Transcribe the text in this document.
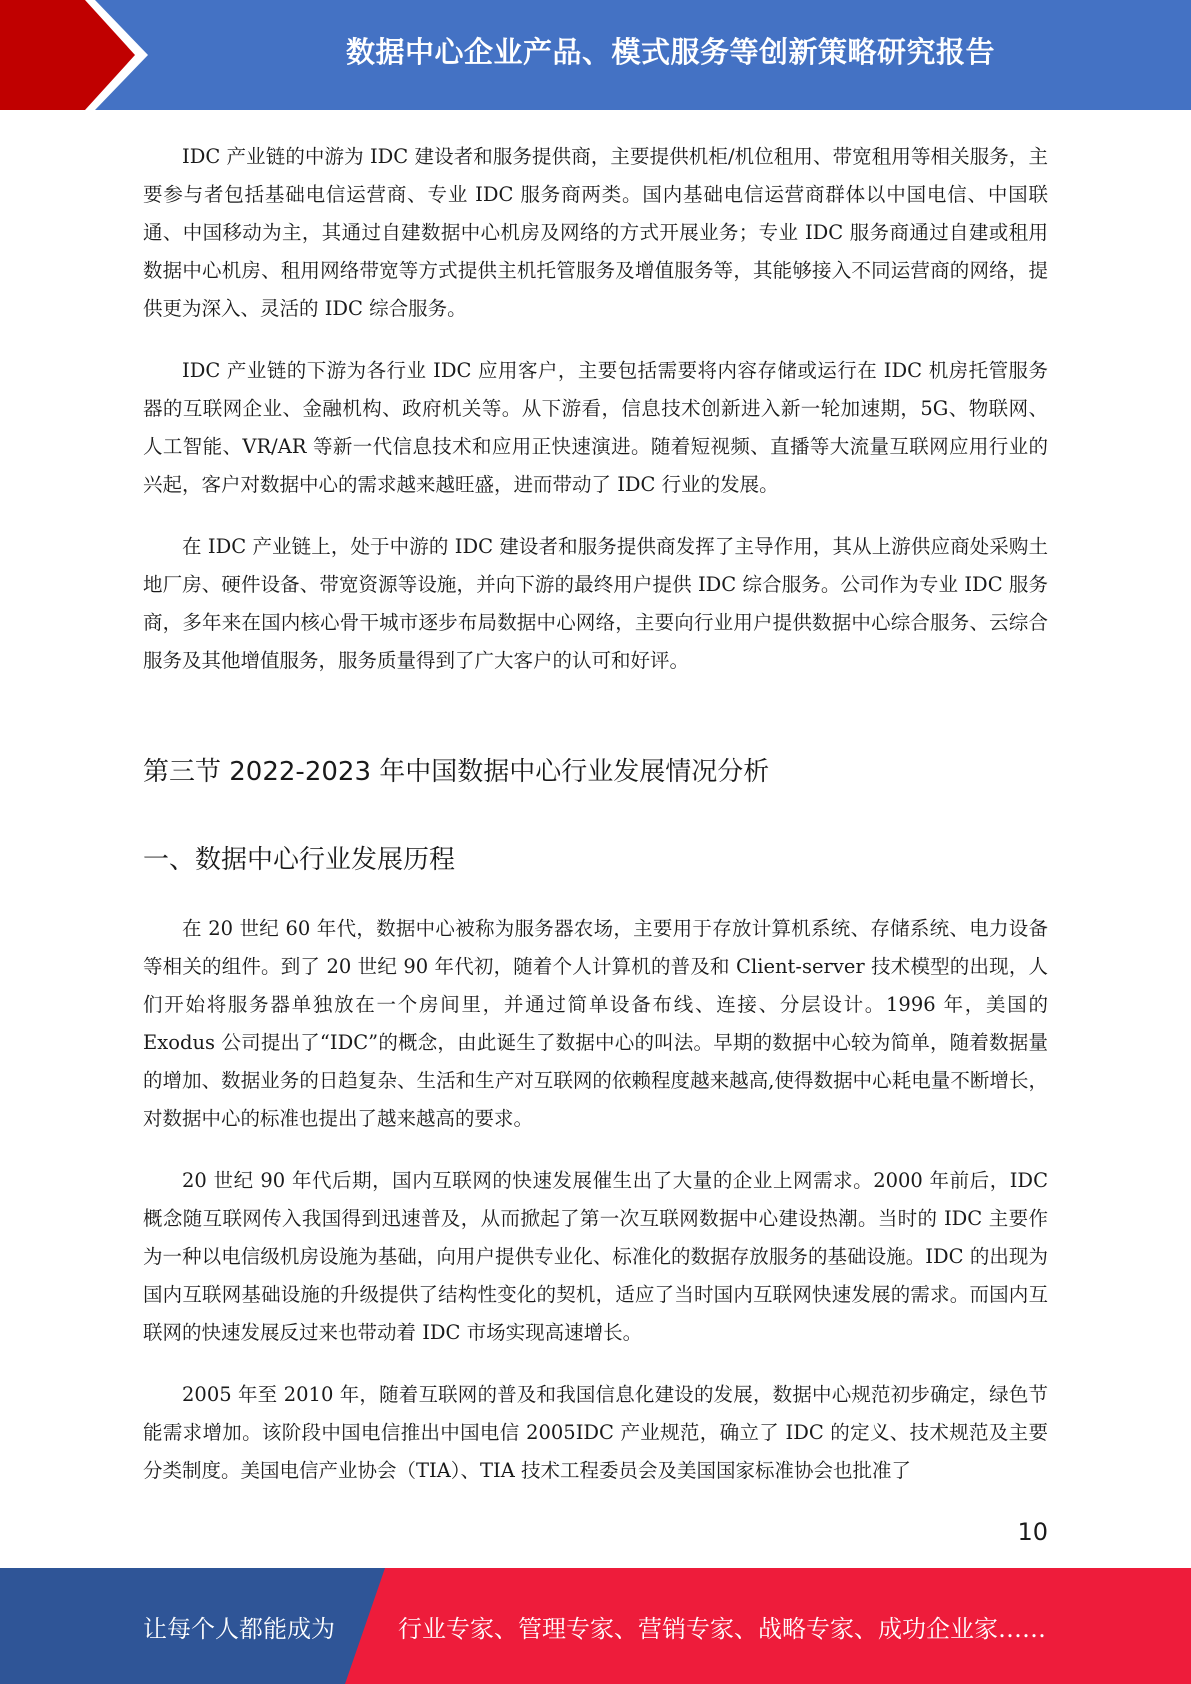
数据中心企业产品、模式服务等创新策略研究报告

IDC 产业链的中游为 IDC 建设者和服务提供商，主要提供机柜/机位租用、带宽租用等相关服务，主要参与者包括基础电信运营商、专业 IDC 服务商两类。国内基础电信运营商群体以中国电信、中国联通、中国移动为主，其通过自建数据中心机房及网络的方式开展业务；专业 IDC 服务商通过自建或租用数据中心机房、租用网络带宽等方式提供主机托管服务及增值服务等，其能够接入不同运营商的网络，提供更为深入、灵活的 IDC 综合服务。

IDC 产业链的下游为各行业 IDC 应用客户，主要包括需要将内容存储或运行在 IDC 机房托管服务器的互联网企业、金融机构、政府机关等。从下游看，信息技术创新进入新一轮加速期，5G、物联网、人工智能、VR/AR 等新一代信息技术和应用正快速演进。随着短视频、直播等大流量互联网应用行业的兴起，客户对数据中心的需求越来越旺盛，进而带动了 IDC 行业的发展。

在 IDC 产业链上，处于中游的 IDC 建设者和服务提供商发挥了主导作用，其从上游供应商处采购土地厂房、硬件设备、带宽资源等设施，并向下游的最终用户提供 IDC 综合服务。公司作为专业 IDC 服务商，多年来在国内核心骨干城市逐步布局数据中心网络，主要向行业用户提供数据中心综合服务、云综合服务及其他增值服务，服务质量得到了广大客户的认可和好评。

第三节 2022-2023 年中国数据中心行业发展情况分析
一、数据中心行业发展历程

在 20 世纪 60 年代，数据中心被称为服务器农场，主要用于存放计算机系统、存储系统、电力设备等相关的组件。到了 20 世纪 90 年代初，随着个人计算机的普及和 Client-server 技术模型的出现，人们开始将服务器单独放在一个房间里，并通过简单设备布线、连接、分层设计。1996 年，美国的 Exodus 公司提出了“IDC”的概念，由此诞生了数据中心的叫法。早期的数据中心较为简单，随着数据量的增加、数据业务的日趋复杂、生活和生产对互联网的依赖程度越来越高,使得数据中心耗电量不断增长，对数据中心的标准也提出了越来越高的要求。

20 世纪 90 年代后期，国内互联网的快速发展催生出了大量的企业上网需求。2000 年前后，IDC 概念随互联网传入我国得到迅速普及，从而掀起了第一次互联网数据中心建设热潮。当时的 IDC 主要作为一种以电信级机房设施为基础，向用户提供专业化、标准化的数据存放服务的基础设施。IDC 的出现为国内互联网基础设施的升级提供了结构性变化的契机，适应了当时国内互联网快速发展的需求。而国内互联网的快速发展反过来也带动着 IDC 市场实现高速增长。

2005 年至 2010 年，随着互联网的普及和我国信息化建设的发展，数据中心规范初步确定，绿色节能需求增加。该阶段中国电信推出中国电信 2005IDC 产业规范，确立了 IDC 的定义、技术规范及主要分类制度。美国电信产业协会（TIA）、TIA 技术工程委员会及美国国家标准协会也批准了

10
让每个人都能成为	行业专家、管理专家、营销专家、战略专家、成功企业家……
